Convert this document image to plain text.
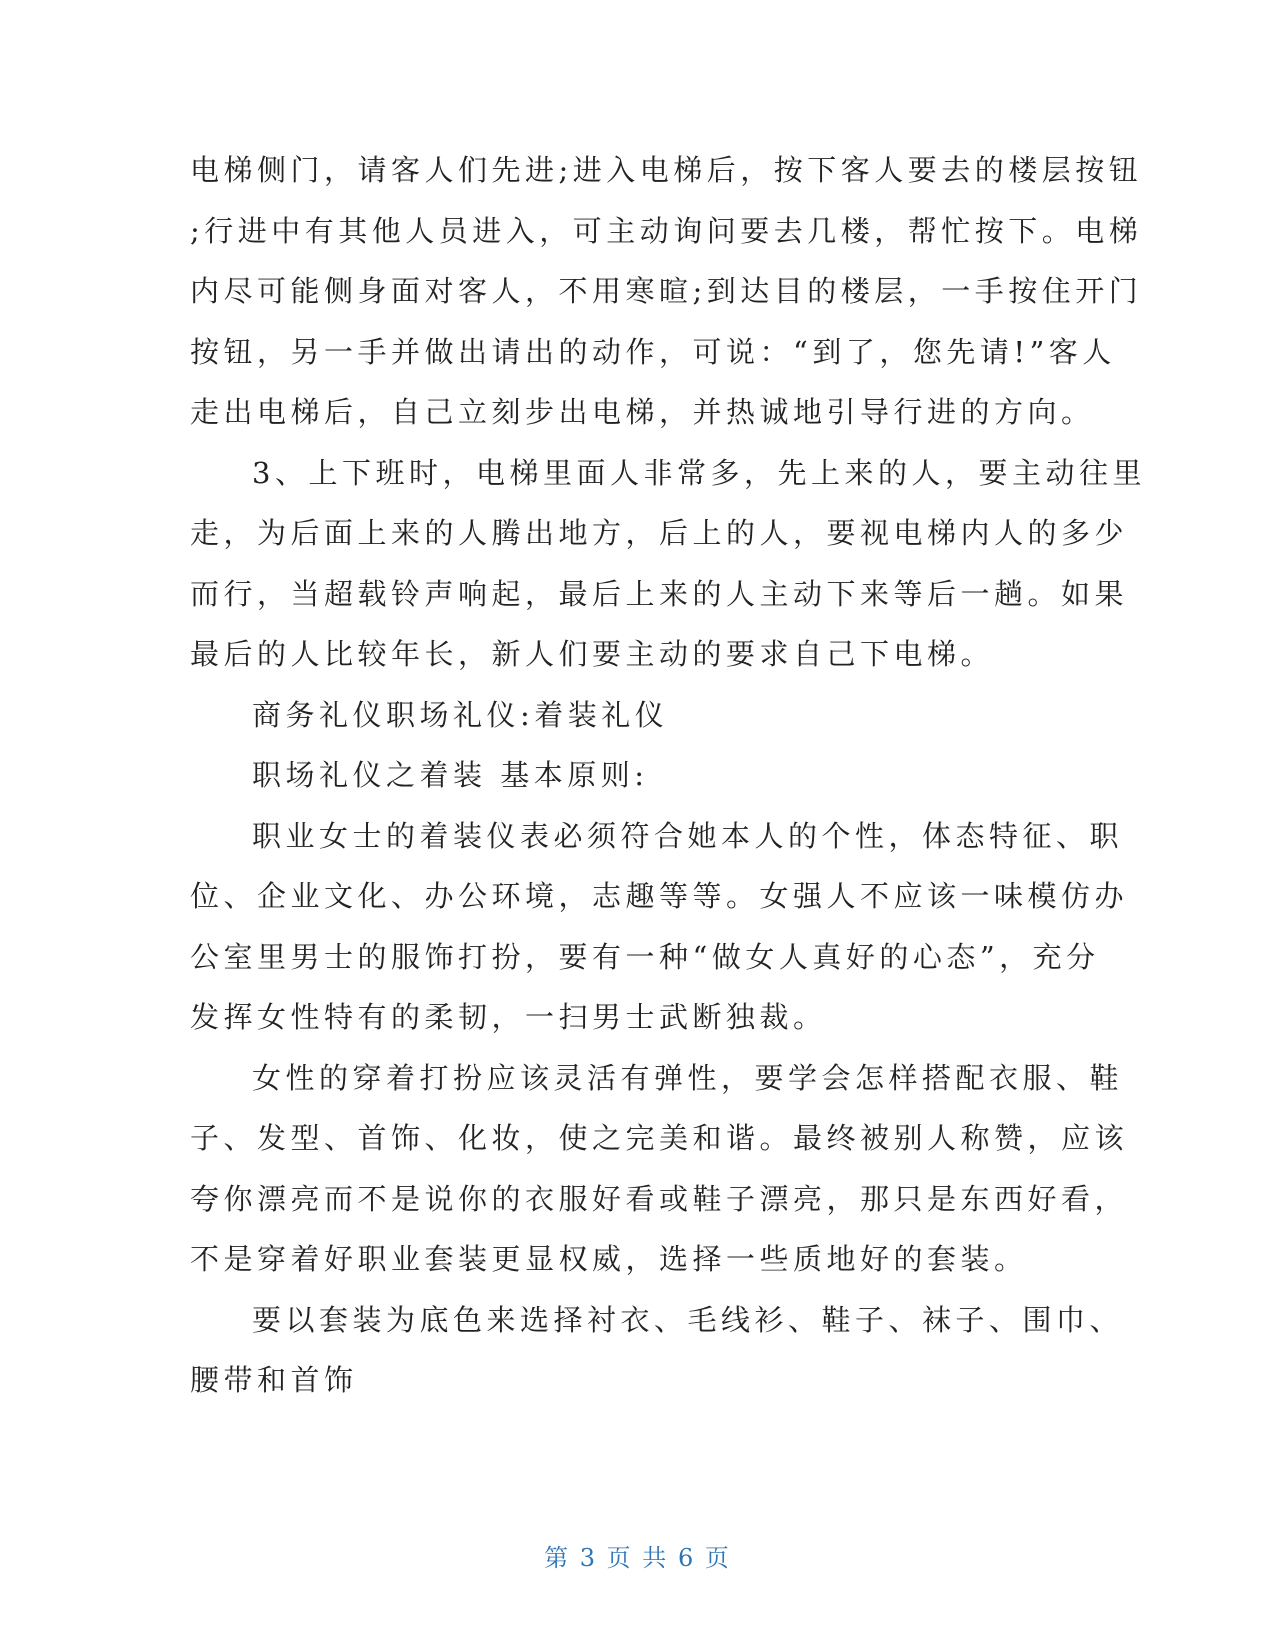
电梯侧门，请客人们先进;进入电梯后，按下客人要去的楼层按钮
;行进中有其他人员进入，可主动询问要去几楼，帮忙按下。电梯
内尽可能侧身面对客人，不用寒暄;到达目的楼层，一手按住开门
按钮，另一手并做出请出的动作，可说：“到了，您先请!”客人
走出电梯后，自己立刻步出电梯，并热诚地引导行进的方向。
3、上下班时，电梯里面人非常多，先上来的人，要主动往里
走，为后面上来的人腾出地方，后上的人，要视电梯内人的多少
而行，当超载铃声响起，最后上来的人主动下来等后一趟。如果
最后的人比较年长，新人们要主动的要求自己下电梯。
商务礼仪职场礼仪:着装礼仪
职场礼仪之着装 基本原则:
职业女士的着装仪表必须符合她本人的个性，体态特征、职
位、企业文化、办公环境，志趣等等。女强人不应该一味模仿办
公室里男士的服饰打扮，要有一种“做女人真好的心态”，充分
发挥女性特有的柔韧，一扫男士武断独裁。
女性的穿着打扮应该灵活有弹性，要学会怎样搭配衣服、鞋
子、发型、首饰、化妆，使之完美和谐。最终被别人称赞，应该
夸你漂亮而不是说你的衣服好看或鞋子漂亮，那只是东西好看，
不是穿着好职业套装更显权威，选择一些质地好的套装。
要以套装为底色来选择衬衣、毛线衫、鞋子、袜子、围巾、
腰带和首饰
第 3 页 共 6 页
